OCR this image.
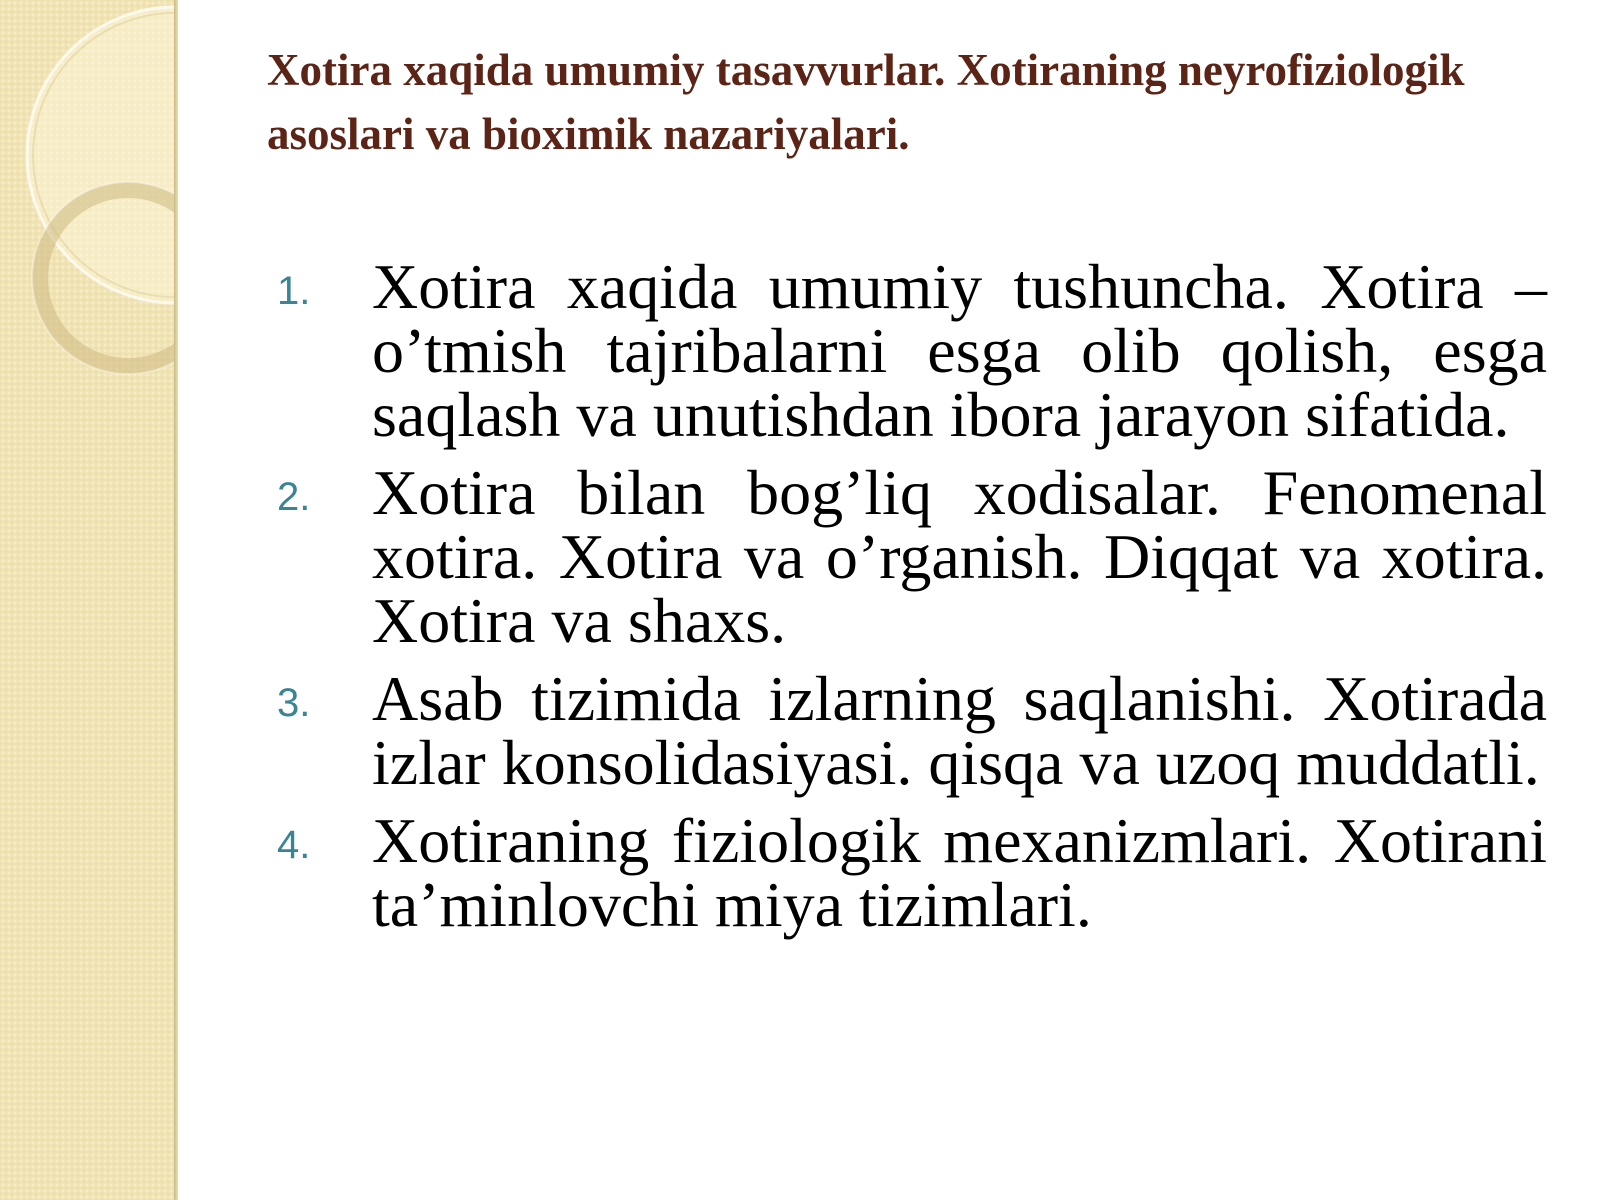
Xotira xaqida umumiy tasavvurlar. Xotiraning neyrofiziologik asoslari va bioximik nazariyalari.
1. Xotira xaqida umumiy tushuncha. Xotira – o’tmish tajribalarni esga olib qolish, esga saqlash va unutishdan ibora jarayon sifatida.
2. Xotira bilan bog’liq xodisalar. Fenomenal xotira. Xotira va o’rganish. Diqqat va xotira. Xotira va shaxs.
3. Asab tizimida izlarning saqlanishi. Xotirada izlar konsolidasiyasi. qisqa va uzoq muddatli.
4. Xotiraning fiziologik mexanizmlari. Xotirani ta’minlovchi miya tizimlari.
